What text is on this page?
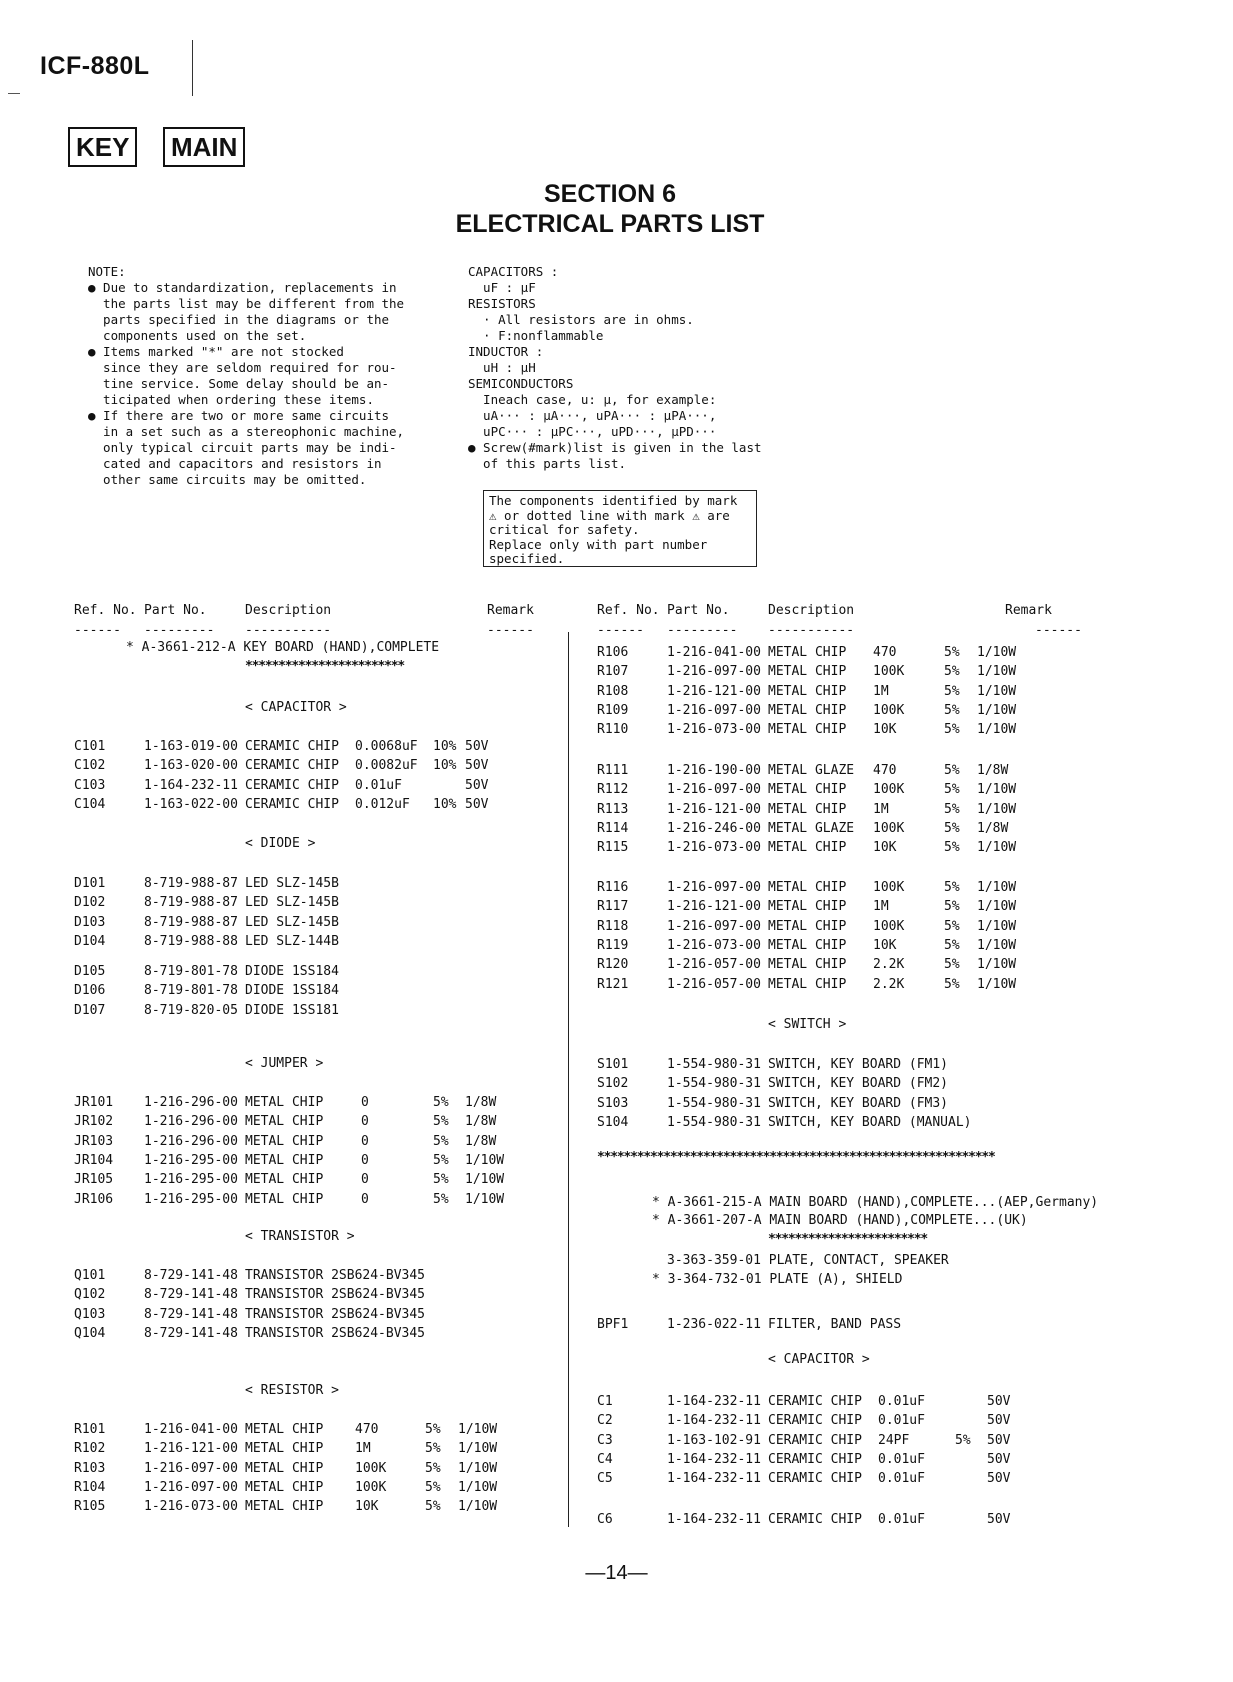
ICF-880L
KEY	MAIN
SECTION 6
ELECTRICAL PARTS LIST
NOTE:
● Due to standardization, replacements in
the parts list may be different from the
parts specified in the diagrams or the
components used on the set.
● Items marked "*" are not stocked
since they are seldom required for rou-
tine service. Some delay should be an-
ticipated when ordering these items.
● If there are two or more same circuits
in a set such as a stereophonic machine,
only typical circuit parts may be indi-
cated and capacitors and resistors in
other same circuits may be omitted.
CAPACITORS :
uF : μF
RESISTORS
· All resistors are in ohms.
· F:nonflammable
INDUCTOR :
uH : μH
SEMICONDUCTORS
Ineach case, u: μ, for example:
uA··· : μA···, uPA··· : μPA···,
uPC··· : μPC···, uPD···, μPD···
● Screw(#mark)list is given in the last
of this parts list.
The components identified by mark
⚠ or dotted line with mark ⚠ are
critical for safety.
Replace only with part number
specified.
Ref. No. Part No.	Description	Remark
------ --------- -----------	------
Ref. No. Part No.	Description	Remark
------ --------- -----------	------
* A-3661-212-A KEY BOARD (HAND),COMPLETE
************************
< CAPACITOR >
< DIODE >
< JUMPER >
< TRANSISTOR >
< RESISTOR >
C101	1-163-019-00 CERAMIC CHIP 0.0068uF 10% 50V
C102	1-163-020-00 CERAMIC CHIP 0.0082uF 10% 50V
C103	1-164-232-11 CERAMIC CHIP 0.01uF	50V
C104	1-163-022-00 CERAMIC CHIP 0.012uF 10% 50V
D101	8-719-988-87 LED SLZ-145B
D102	8-719-988-87 LED SLZ-145B
D103	8-719-988-87 LED SLZ-145B
D104	8-719-988-88 LED SLZ-144B
D105	8-719-801-78 DIODE 1SS184
D106	8-719-801-78 DIODE 1SS184
D107	8-719-820-05 DIODE 1SS181
JR101 1-216-296-00 METAL CHIP	0	5% 1/8W
JR102 1-216-296-00 METAL CHIP	0	5% 1/8W
JR103 1-216-296-00 METAL CHIP	0	5% 1/8W
JR104 1-216-295-00 METAL CHIP	0	5% 1/10W
JR105 1-216-295-00 METAL CHIP	0	5% 1/10W
JR106 1-216-295-00 METAL CHIP	0	5% 1/10W
Q101	8-729-141-48 TRANSISTOR 2SB624-BV345
Q102	8-729-141-48 TRANSISTOR 2SB624-BV345
Q103	8-729-141-48 TRANSISTOR 2SB624-BV345
Q104	8-729-141-48 TRANSISTOR 2SB624-BV345
R101	1-216-041-00 METAL CHIP 470	5% 1/10W
R102	1-216-121-00 METAL CHIP 1M	5% 1/10W
R103	1-216-097-00 METAL CHIP 100K	5% 1/10W
R104	1-216-097-00 METAL CHIP 100K	5% 1/10W
R105	1-216-073-00 METAL CHIP 10K	5% 1/10W
< SWITCH >
************************************************************
* A-3661-215-A MAIN BOARD (HAND),COMPLETE...(AEP,Germany)
* A-3661-207-A MAIN BOARD (HAND),COMPLETE...(UK)
************************
3-363-359-01 PLATE, CONTACT, SPEAKER
* 3-364-732-01 PLATE (A), SHIELD
< CAPACITOR >
R106	1-216-041-00 METAL CHIP 470	5% 1/10W
R107	1-216-097-00 METAL CHIP 100K	5% 1/10W
R108	1-216-121-00 METAL CHIP 1M	5% 1/10W
R109	1-216-097-00 METAL CHIP 100K	5% 1/10W
R110	1-216-073-00 METAL CHIP 10K	5% 1/10W
R111	1-216-190-00 METAL GLAZE 470	5% 1/8W
R112	1-216-097-00 METAL CHIP 100K	5% 1/10W
R113	1-216-121-00 METAL CHIP 1M	5% 1/10W
R114	1-216-246-00 METAL GLAZE 100K	5% 1/8W
R115	1-216-073-00 METAL CHIP 10K	5% 1/10W
R116	1-216-097-00 METAL CHIP 100K	5% 1/10W
R117	1-216-121-00 METAL CHIP 1M	5% 1/10W
R118	1-216-097-00 METAL CHIP 100K	5% 1/10W
R119	1-216-073-00 METAL CHIP 10K	5% 1/10W
R120	1-216-057-00 METAL CHIP 2.2K	5% 1/10W
R121	1-216-057-00 METAL CHIP 2.2K	5% 1/10W
S101	1-554-980-31 SWITCH, KEY BOARD (FM1)
S102	1-554-980-31 SWITCH, KEY BOARD (FM2)
S103	1-554-980-31 SWITCH, KEY BOARD (FM3)
S104	1-554-980-31 SWITCH, KEY BOARD (MANUAL)
BPF1	1-236-022-11 FILTER, BAND PASS
C1	1-164-232-11 CERAMIC CHIP 0.01uF	50V
C2	1-164-232-11 CERAMIC CHIP 0.01uF	50V
C3	1-163-102-91 CERAMIC CHIP 24PF	5% 50V
C4	1-164-232-11 CERAMIC CHIP 0.01uF	50V
C5	1-164-232-11 CERAMIC CHIP 0.01uF	50V
C6	1-164-232-11 CERAMIC CHIP 0.01uF	50V
—14—
